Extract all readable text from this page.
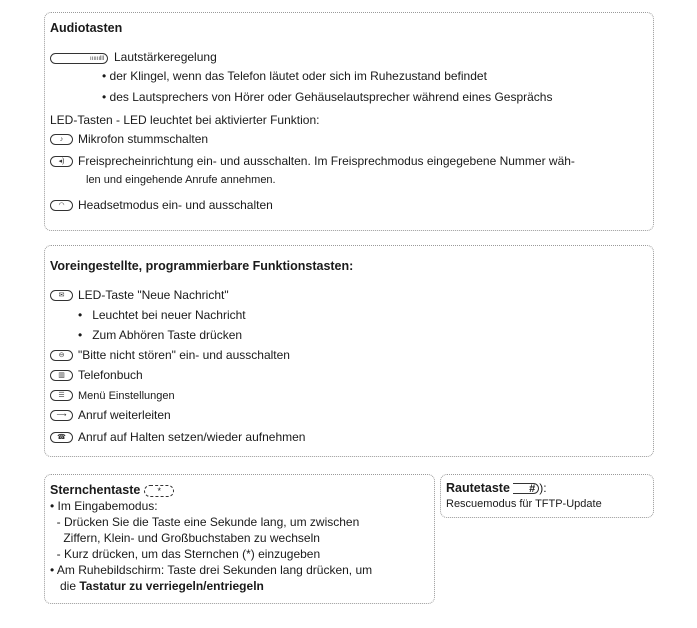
Audiotasten
ıııııılll Lautstärkeregelung
• der Klingel, wenn das Telefon läutet oder sich im Ruhezustand befindet
• des Lautsprechers von Hörer oder Gehäuselautsprecher während eines Gesprächs
LED-Tasten - LED leuchtet bei aktivierter Funktion:
♪	Mikrofon stummschalten
◂)	Freisprecheinrichtung ein- und ausschalten. Im Freisprechmodus eingegebene Nummer wäh-
len und eingehende Anrufe annehmen.
◠	Headsetmodus ein- und ausschalten
Voreingestellte, programmierbare Funktionstasten:
✉	LED-Taste "Neue Nachricht"
•   Leuchtet bei neuer Nachricht
•   Zum Abhören Taste drücken
⊖	"Bitte nicht stören" ein- und ausschalten
▥	Telefonbuch
☰	Menü Einstellungen
⟶ Anruf weiterleiten
☎	Anruf auf Halten setzen/wieder aufnehmen
Sternchentaste *
• Im Eingabemodus:
- Drücken Sie die Taste eine Sekunde lang, um zwischen
Ziffern, Klein- und Großbuchstaben zu wechseln
- Kurz drücken, um das Sternchen (*) einzugeben
• Am Ruhebildschirm: Taste drei Sekunden lang drücken, um
die Tastatur zu verriegeln/entriegeln
Rautetaste # ):
Rescuemodus für TFTP-Update
